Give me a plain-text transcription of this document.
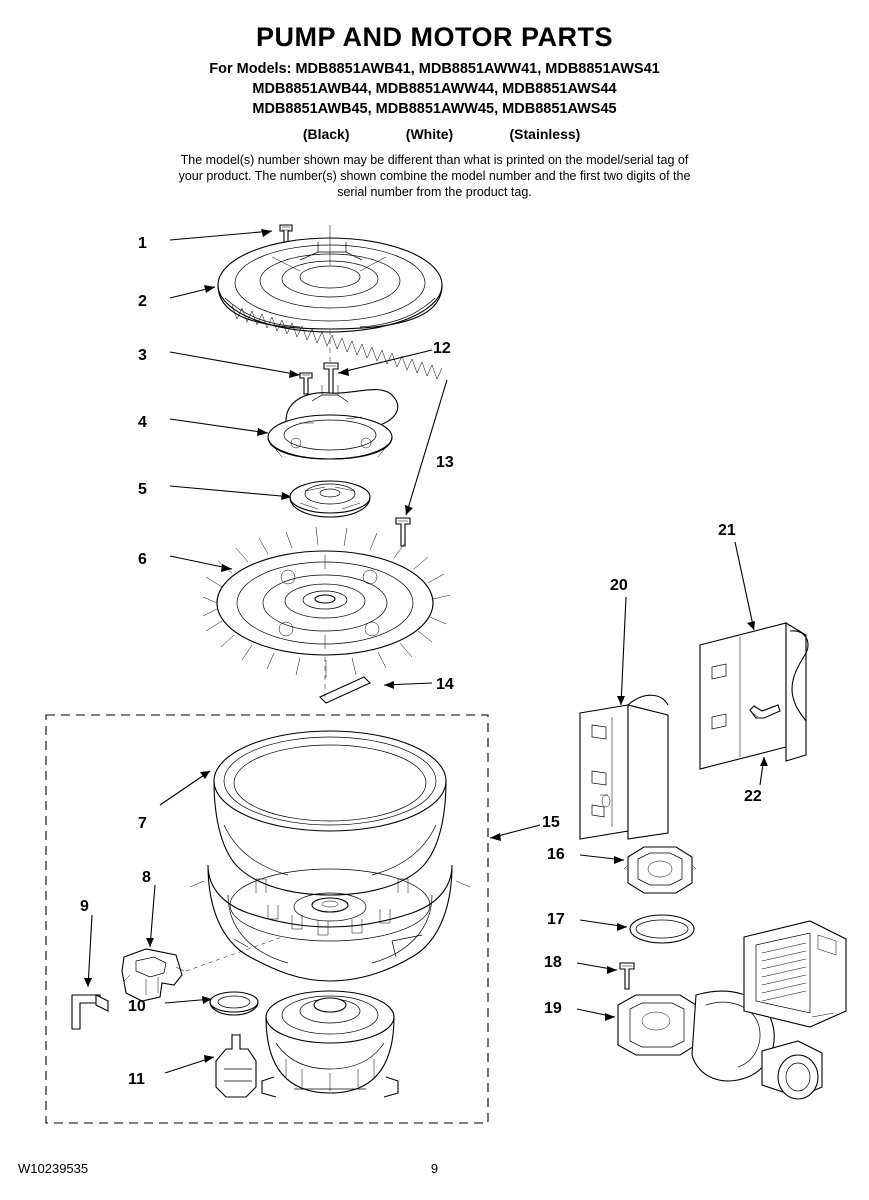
PUMP AND MOTOR PARTS
For Models: MDB8851AWB41, MDB8851AWW41, MDB8851AWS41
MDB8851AWB44, MDB8851AWW44, MDB8851AWS44
MDB8851AWB45, MDB8851AWW45, MDB8851AWS45
(Black)	(White)	(Stainless)
The model(s) number shown may be different than what is printed on the model/serial tag of your product. The number(s) shown combine the model number and the first two digits of the serial number from the product tag.
1
2
3
4
5
6
7
8
9
10
11
12
13
14
15
16
17
18
19
20
21
22
W10239535	9
